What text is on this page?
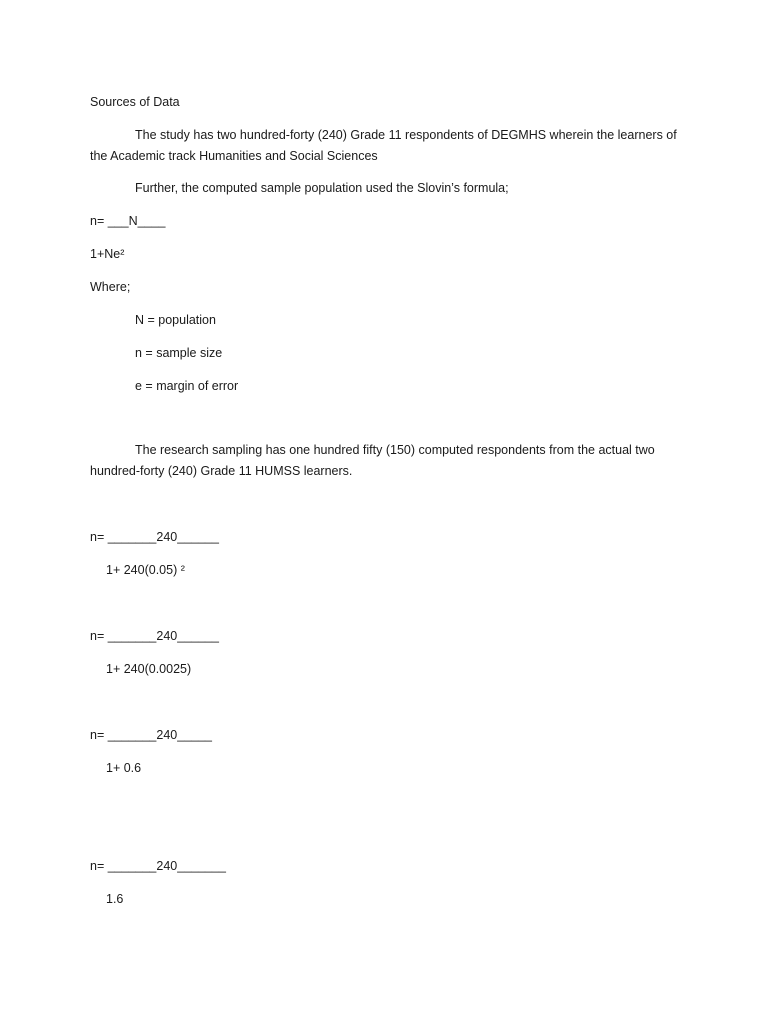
Sources of Data
The study has two hundred-forty (240) Grade 11 respondents of DEGMHS wherein the learners of the Academic track Humanities and Social Sciences
Further, the computed sample population used the Slovin’s formula;
n= ___N____
1+Ne²
Where;
N = population
n = sample size
e = margin of error
The research sampling has one hundred fifty (150) computed respondents from the actual two hundred-forty (240) Grade 11 HUMSS learners.
n= _______240______
1+ 240(0.05) ²
n= _______240______
1+ 240(0.0025)
n= _______240_____
1+ 0.6
n= _______240_______
1.6
